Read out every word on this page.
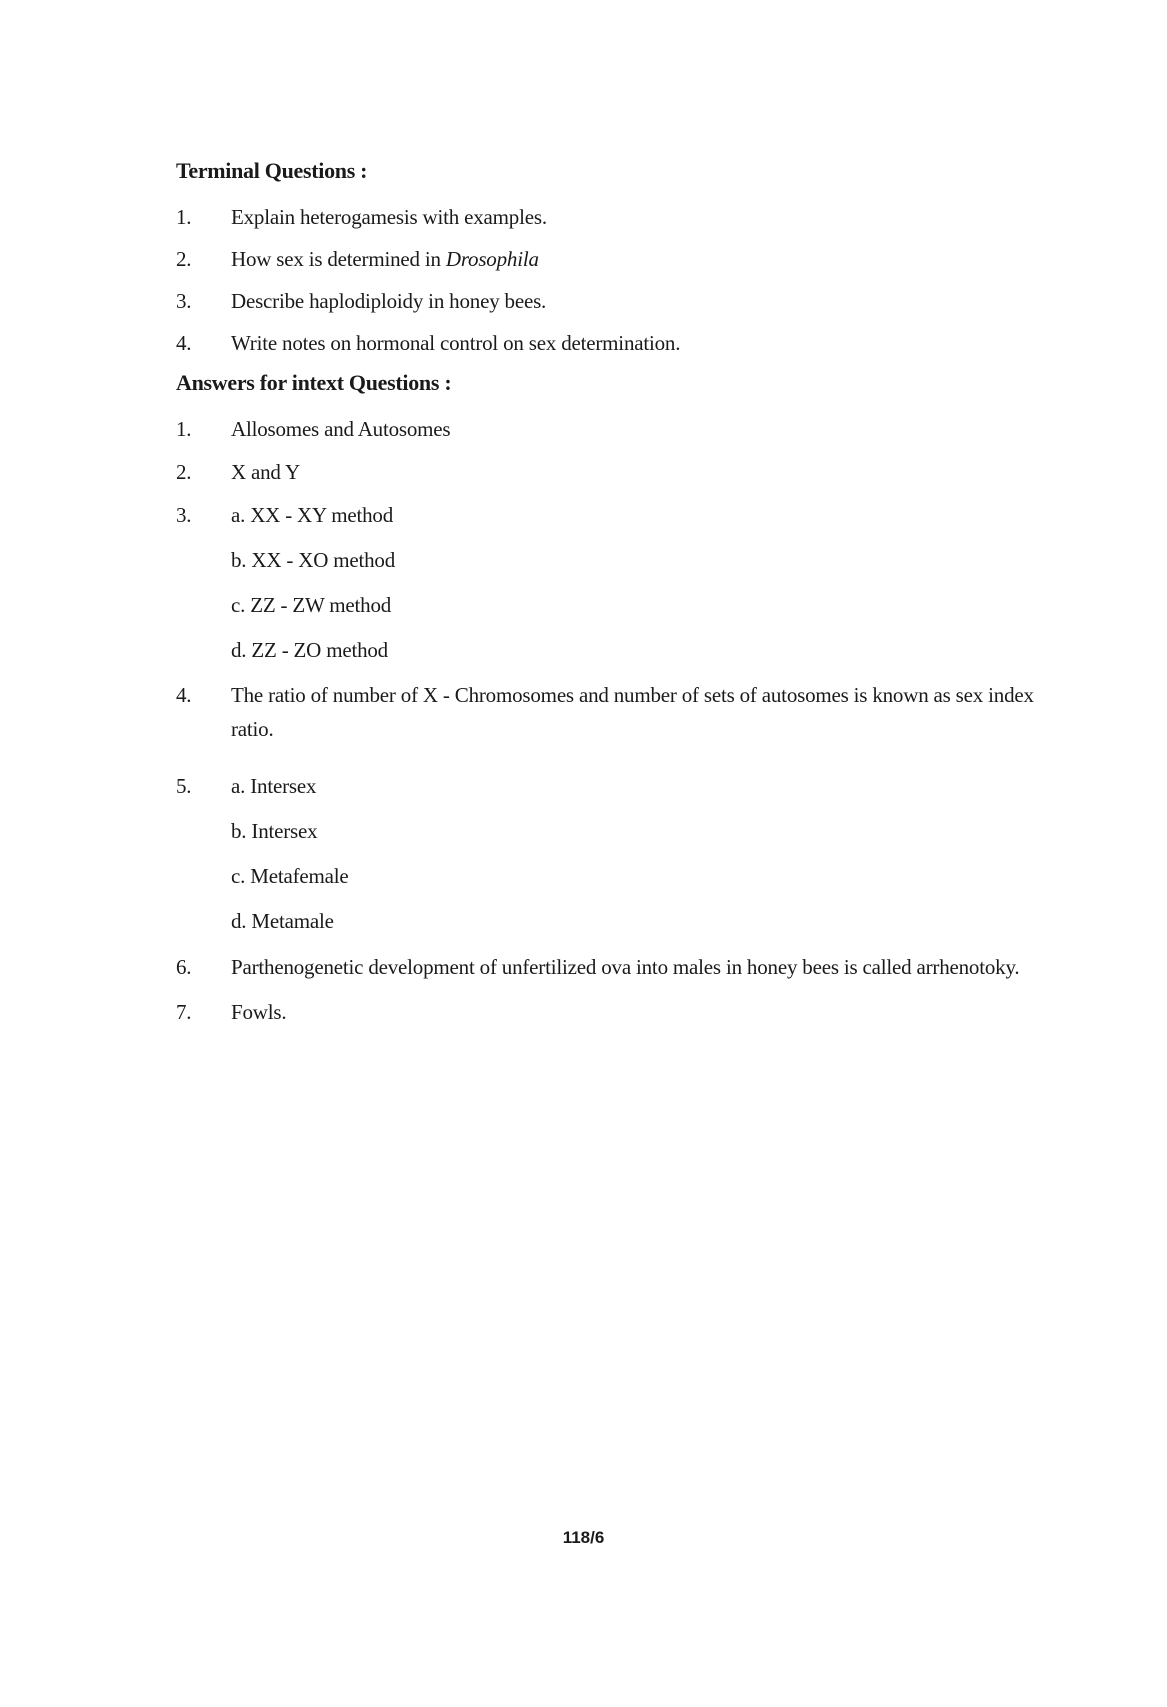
Terminal Questions :
1.	Explain heterogamesis with examples.
2.	How sex is determined in Drosophila
3.	Describe haplodiploidy in honey bees.
4.	Write notes on hormonal control on sex determination.
Answers for intext Questions :
1.	Allosomes and Autosomes
2.	X and Y
3.	a. XX - XY method
b. XX - XO method
c. ZZ - ZW method
d. ZZ - ZO method
4.	The ratio of number of X - Chromosomes and number of sets of autosomes is known as sex index ratio.
5.	a. Intersex
b. Intersex
c. Metafemale
d. Metamale
6.	Parthenogenetic development of unfertilized ova into males in honey bees is called arrhenotoky.
7.	Fowls.
118/6
